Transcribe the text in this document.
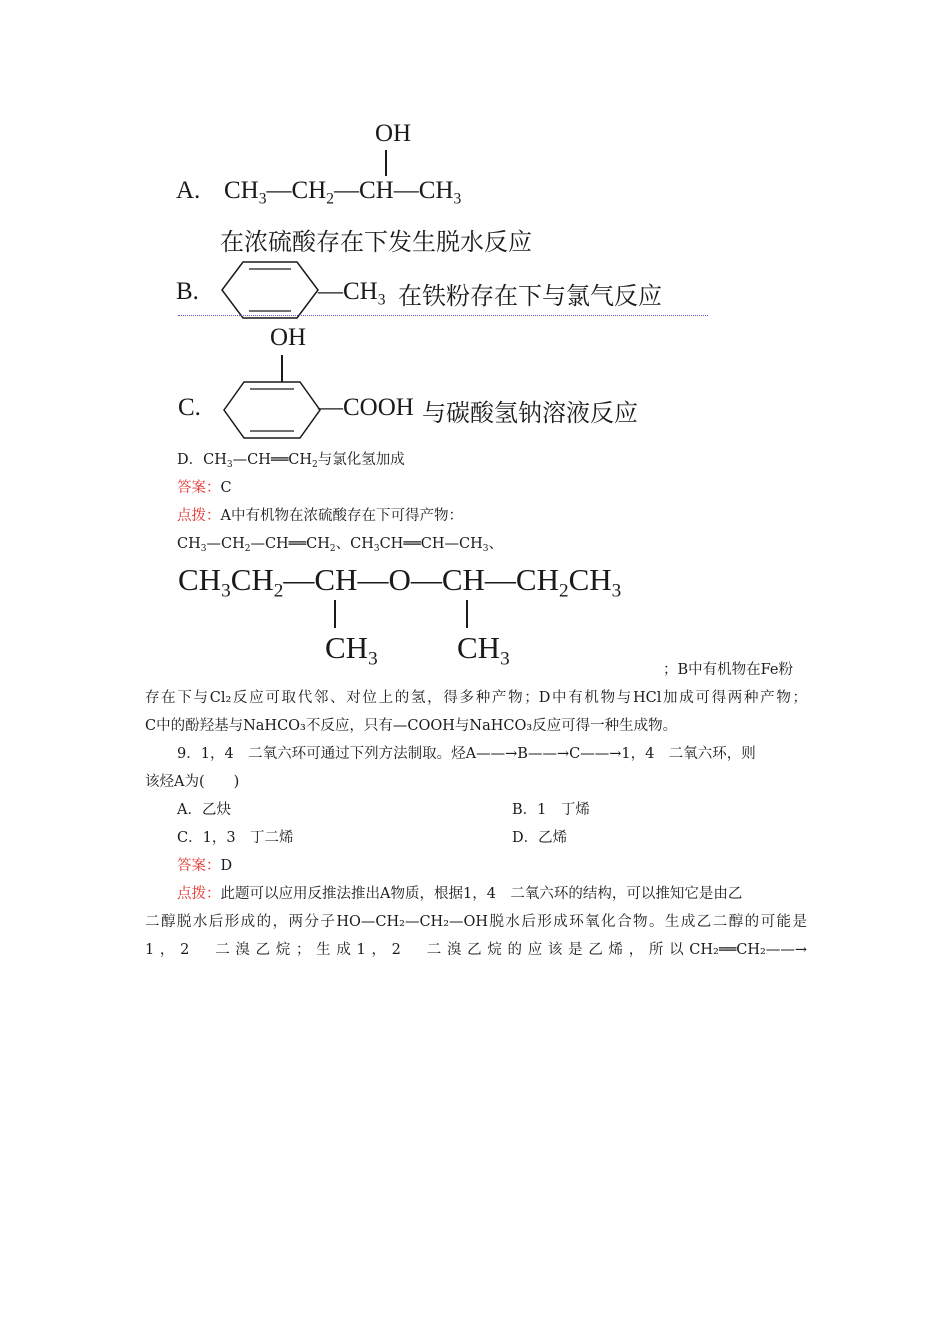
OH
A. $CH_3—CH_2—CH—CH_3$
在浓硫酸存在下发生脱水反应
B.	$—CH_3$ 在铁粉存在下与氯气反应
OH
C.	—COOH 与碳酸氢钠溶液反应
D．$CH_3—CH══CH_2$与氯化氢加成
答案：C
点拨：A中有机物在浓硫酸存在下可得产物：
$CH_3—CH_2—CH══CH_2$、$CH_3CH══CH—CH_3$、
$CH_3CH_2—CH—O—CH—CH_2CH_3$
$CH_3$	$CH_3$
；B中有机物在Fe粉
存在下与Cl₂反应可取代邻、对位上的氢，得多种产物；D中有机物与HCl加成可得两种产物；
C中的酚羟基与NaHCO₃不反应，只有—COOH与NaHCO₃反应可得一种生成物。
9．1，4　二氧六环可通过下列方法制取。烃A——→B——→C——→1，4　二氧六环，则
该烃A为(　　)
A．乙炔	B．1　丁烯
C．1，3　丁二烯	D．乙烯
答案：D
点拨：此题可以应用反推法推出A物质，根据1，4　二氧六环的结构，可以推知它是由乙
二醇脱水后形成的，两分子HO—CH₂—CH₂—OH脱水后形成环氧化合物。生成乙二醇的可能是
1，2　二溴乙烷；生成1，2　二溴乙烷的应该是乙烯，所以CH₂══CH₂——→
